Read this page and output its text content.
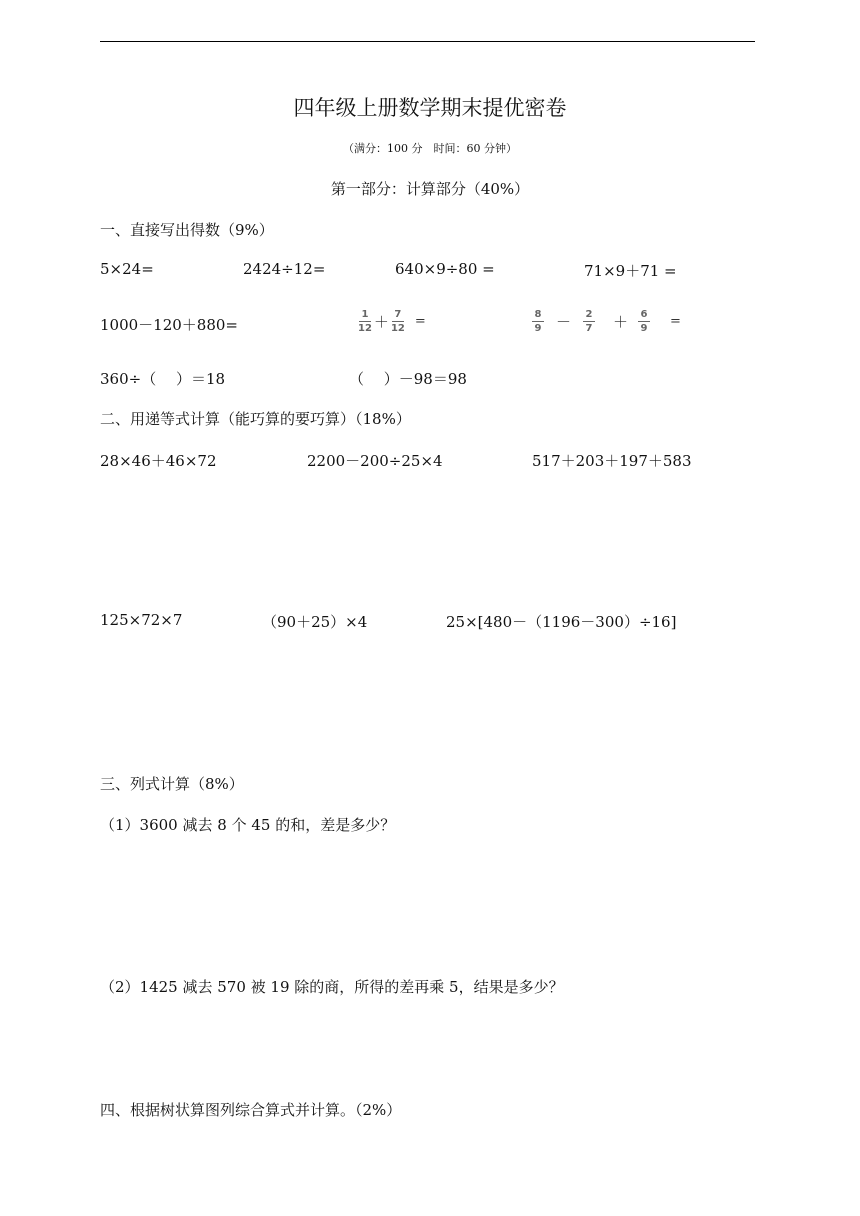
四年级上册数学期末提优密卷
（满分：100 分　时间：60 分钟）
第一部分：计算部分（40%）
一、直接写出得数（9%）
5×24=	2424÷12=	640×9÷80 =	71×9＋71 =
1000－120＋880=	$\frac{1}{12} + \frac{7}{12}$ =	$\frac{8}{9} - \frac{2}{7} + \frac{6}{9}$ =
360÷（　 ）＝18	（　 ）－98＝98
二、用递等式计算（能巧算的要巧算）（18%）
28×46＋46×72	2200－200÷25×4	517＋203＋197＋583
125×72×7	（90＋25）×4	25×[480－（1196－300）÷16]
三、列式计算（8%）
（1）3600 减去 8 个 45 的和，差是多少？
（2）1425 减去 570 被 19 除的商，所得的差再乘 5，结果是多少？
四、根据树状算图列综合算式并计算。（2%）
